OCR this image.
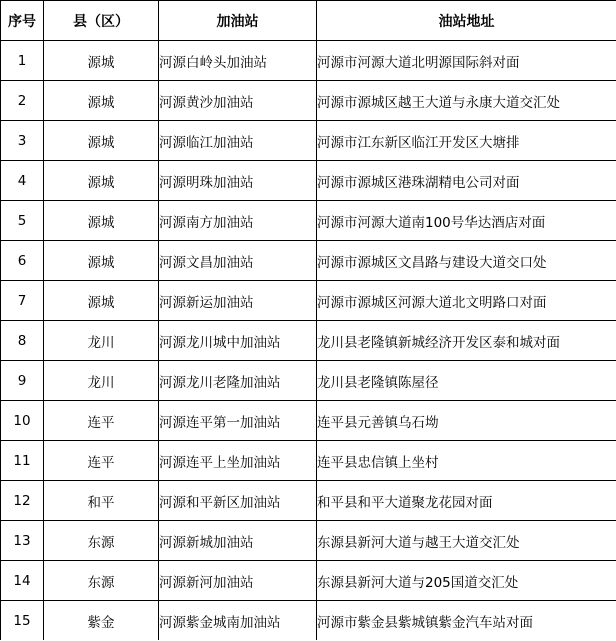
序号	县（区）	加油站	油站地址
1	源城	河源白岭头加油站	河源市河源大道北明源国际斜对面
2	源城	河源黄沙加油站	河源市源城区越王大道与永康大道交汇处
3	源城	河源临江加油站	河源市江东新区临江开发区大塘排
4	源城	河源明珠加油站	河源市源城区港珠湖精电公司对面
5	源城	河源南方加油站	河源市河源大道南100号华达酒店对面
6	源城	河源文昌加油站	河源市源城区文昌路与建设大道交口处
7	源城	河源新运加油站	河源市源城区河源大道北文明路口对面
8	龙川	河源龙川城中加油站	龙川县老隆镇新城经济开发区泰和城对面
9	龙川	河源龙川老隆加油站	龙川县老隆镇陈屋径
10	连平	河源连平第一加油站	连平县元善镇乌石坳
11	连平	河源连平上坐加油站	连平县忠信镇上坐村
12	和平	河源和平新区加油站	和平县和平大道聚龙花园对面
13	东源	河源新城加油站	东源县新河大道与越王大道交汇处
14	东源	河源新河加油站	东源县新河大道与205国道交汇处
15	紫金	河源紫金城南加油站	河源市紫金县紫城镇紫金汽车站对面
